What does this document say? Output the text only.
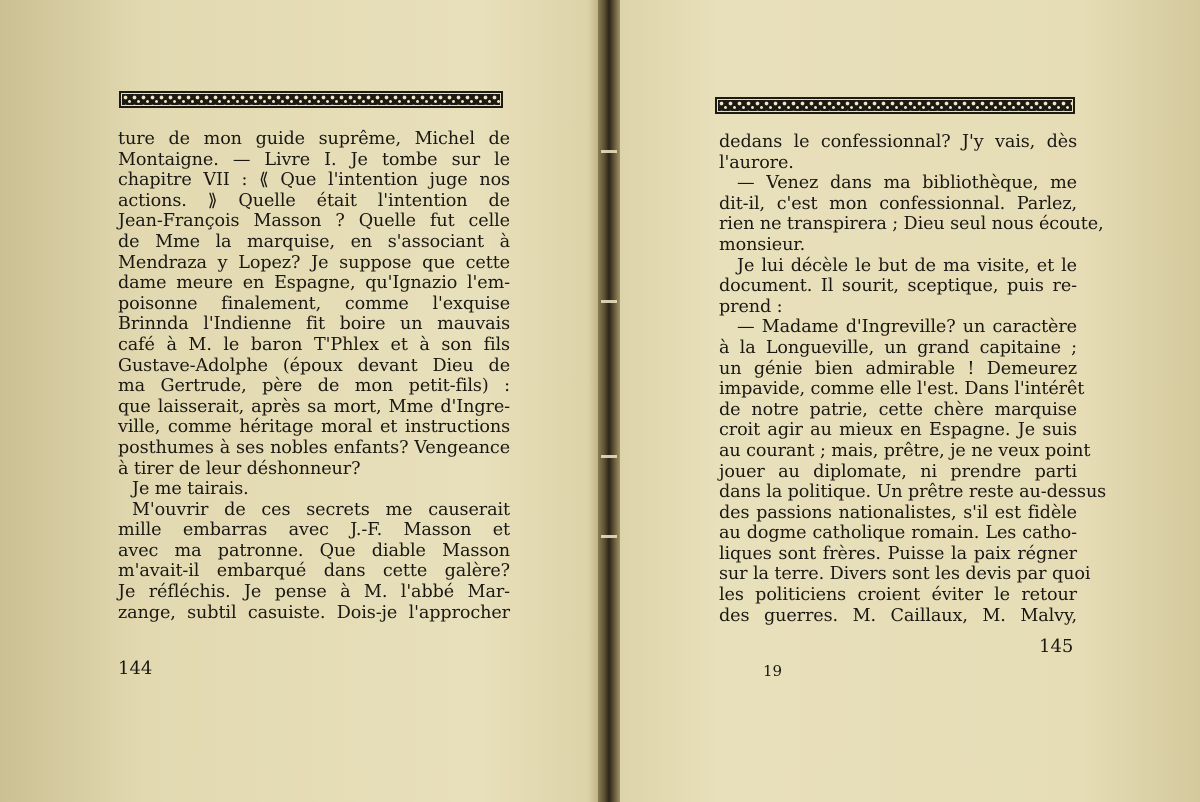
ture de mon guide suprême, Michel de
Montaigne. — Livre I. Je tombe sur le
chapitre VII : ⟪ Que l'intention juge nos
actions. ⟫ Quelle était l'intention de
Jean-François Masson ? Quelle fut celle
de Mme la marquise, en s'associant à
Mendraza y Lopez? Je suppose que cette
dame meure en Espagne, qu'Ignazio l'em-
poisonne finalement, comme l'exquise
Brinnda l'Indienne fit boire un mauvais
café à M. le baron T'Phlex et à son fils
Gustave-Adolphe (époux devant Dieu de
ma Gertrude, père de mon petit-fils) :
que laisserait, après sa mort, Mme d'Ingre-
ville, comme héritage moral et instructions
posthumes à ses nobles enfants? Vengeance
à tirer de leur déshonneur?
Je me tairais.
M'ouvrir de ces secrets me causerait
mille embarras avec J.-F. Masson et
avec ma patronne. Que diable Masson
m'avait-il embarqué dans cette galère?
Je réfléchis. Je pense à M. l'abbé Mar-
zange, subtil casuiste. Dois-je l'approcher
144
dedans le confessionnal? J'y vais, dès
l'aurore.
— Venez dans ma bibliothèque, me
dit-il, c'est mon confessionnal. Parlez,
rien ne transpirera ; Dieu seul nous écoute,
monsieur.
Je lui décèle le but de ma visite, et le
document. Il sourit, sceptique, puis re-
prend :
— Madame d'Ingreville? un caractère
à la Longueville, un grand capitaine ;
un génie bien admirable ! Demeurez
impavide, comme elle l'est. Dans l'intérêt
de notre patrie, cette chère marquise
croit agir au mieux en Espagne. Je suis
au courant ; mais, prêtre, je ne veux point
jouer au diplomate, ni prendre parti
dans la politique. Un prêtre reste au-dessus
des passions nationalistes, s'il est fidèle
au dogme catholique romain. Les catho-
liques sont frères. Puisse la paix régner
sur la terre. Divers sont les devis par quoi
les politiciens croient éviter le retour
des guerres. M. Caillaux, M. Malvy,
19
145
